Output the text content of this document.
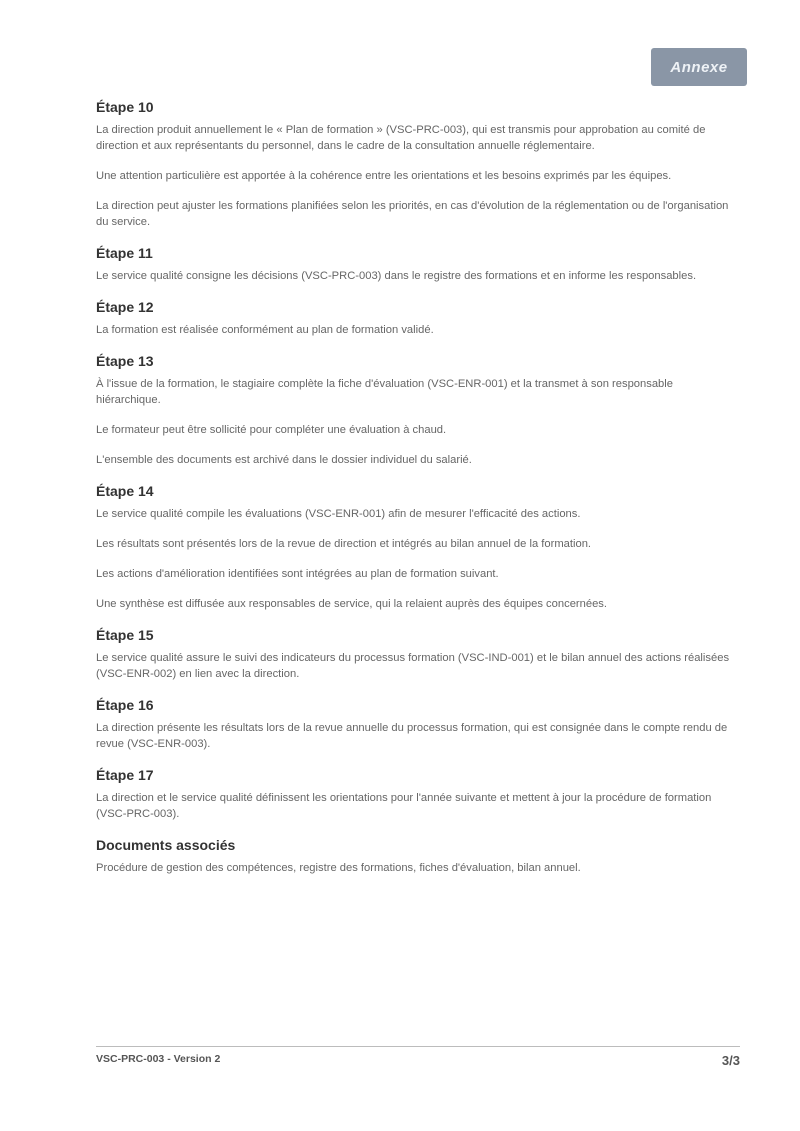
Annexe
Étape 10
La direction produit annuellement le « Plan de formation » (VSC-PRC-003), qui est transmis pour approbation au comité de direction et aux représentants du personnel, dans le cadre de la consultation annuelle réglementaire.
Une attention particulière est apportée à la cohérence entre les orientations et les besoins exprimés par les équipes.
La direction peut ajuster les formations planifiées selon les priorités, en cas d'évolution de la réglementation ou de l'organisation du service.
Étape 11
Le service qualité consigne les décisions (VSC-PRC-003) dans le registre des formations et en informe les responsables.
Étape 12
La formation est réalisée conformément au plan de formation validé.
Étape 13
À l'issue de la formation, le stagiaire complète la fiche d'évaluation (VSC-ENR-001) et la transmet à son responsable hiérarchique.
Le formateur peut être sollicité pour compléter une évaluation à chaud.
L'ensemble des documents est archivé dans le dossier individuel du salarié.
Étape 14
Le service qualité compile les évaluations (VSC-ENR-001) afin de mesurer l'efficacité des actions.
Les résultats sont présentés lors de la revue de direction et intégrés au bilan annuel de la formation.
Les actions d'amélioration identifiées sont intégrées au plan de formation suivant.
Une synthèse est diffusée aux responsables de service, qui la relaient auprès des équipes concernées.
Étape 15
Le service qualité assure le suivi des indicateurs du processus formation (VSC-IND-001) et le bilan annuel des actions réalisées (VSC-ENR-002) en lien avec la direction.
Étape 16
La direction présente les résultats lors de la revue annuelle du processus formation, qui est consignée dans le compte rendu de revue (VSC-ENR-003).
Étape 17
La direction et le service qualité définissent les orientations pour l'année suivante et mettent à jour la procédure de formation (VSC-PRC-003).
Documents associés
Procédure de gestion des compétences, registre des formations, fiches d'évaluation, bilan annuel.
VSC-PRC-003 - Version 2	3/3
